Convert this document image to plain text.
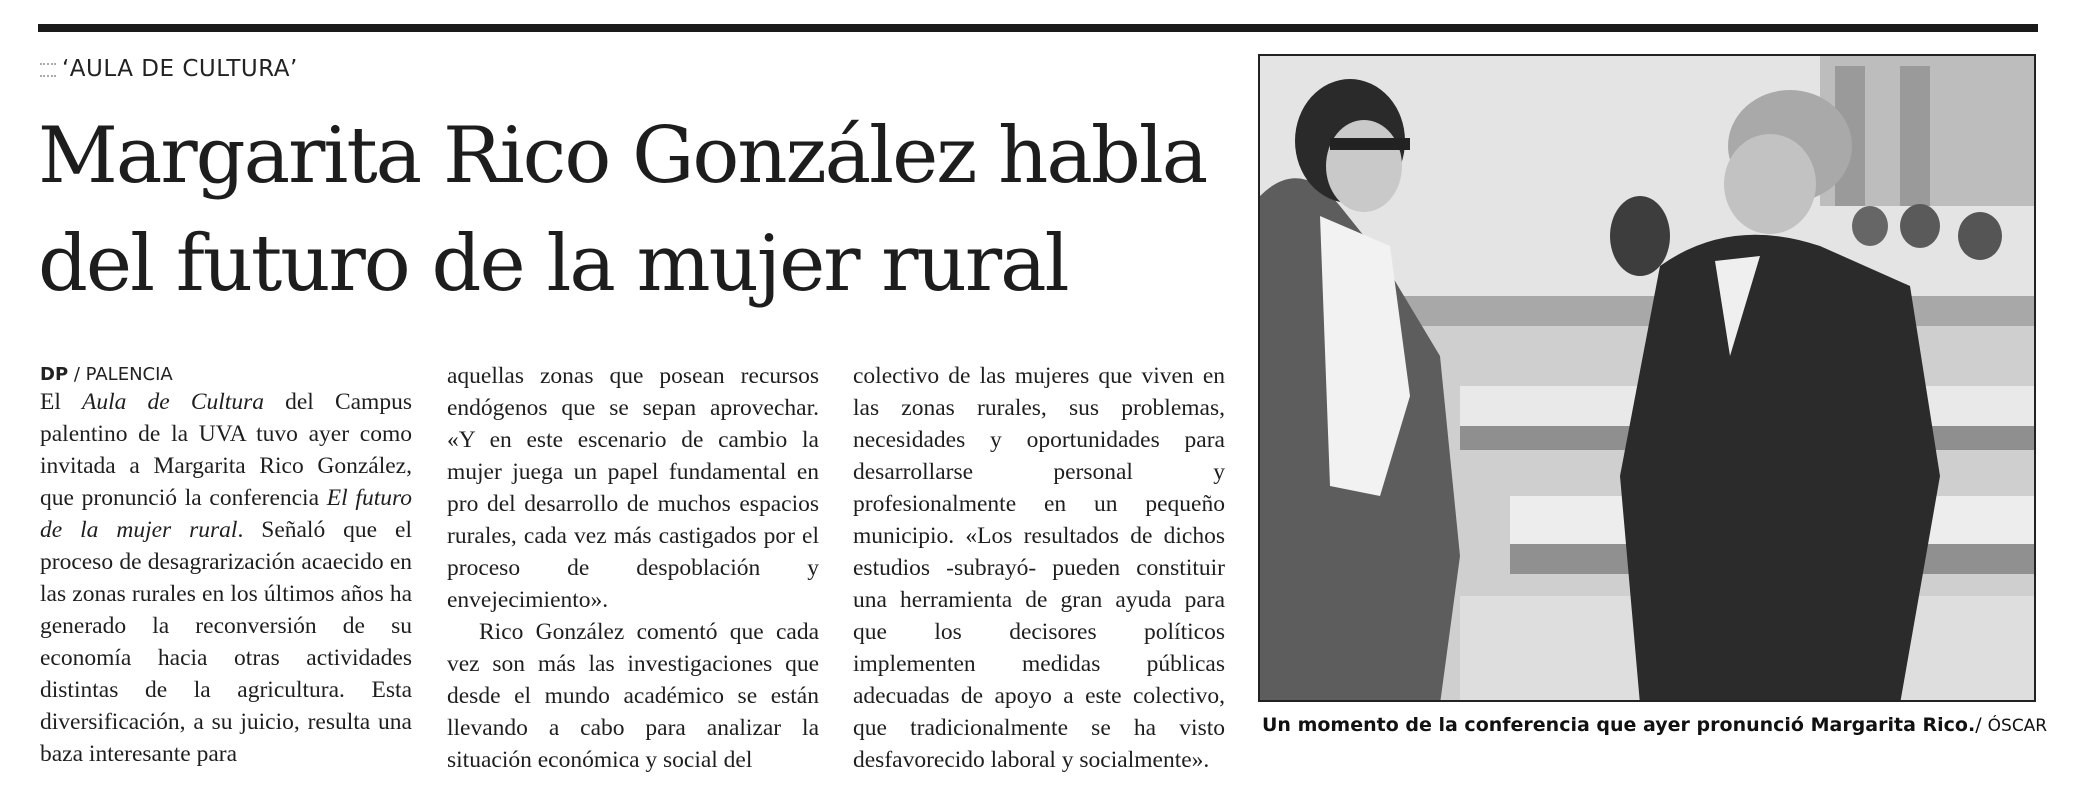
‘AULA DE CULTURA’
Margarita Rico González habla
del futuro de la mujer rural
DP / PALENCIA

El Aula de Cultura del Campus palentino de la UVA tuvo ayer como invitada a Margarita Rico González, que pronunció la conferencia El futuro de la mujer rural. Señaló que el proceso de desagrarización acaecido en las zonas rurales en los últimos años ha generado la reconversión de su economía hacia otras actividades distintas de la agricultura. Esta diversificación, a su juicio, resulta una baza interesante para

aquellas zonas que posean recursos endógenos que se sepan aprovechar. «Y en este escenario de cambio la mujer juega un papel fundamental en pro del desarrollo de muchos espacios rurales, cada vez más castigados por el proceso de despoblación y envejecimiento».

Rico González comentó que cada vez son más las investigaciones que desde el mundo académico se están llevando a cabo para analizar la situación económica y social del

colectivo de las mujeres que viven en las zonas rurales, sus problemas, necesidades y oportunidades para desarrollarse personal y profesionalmente en un pequeño municipio. «Los resultados de dichos estudios -subrayó- pueden constituir una herramienta de gran ayuda para que los decisores políticos implementen medidas públicas adecuadas de apoyo a este colectivo, que tradicionalmente se ha visto desfavorecido laboral y socialmente».

Un momento de la conferencia que ayer pronunció Margarita Rico./ ÓSCAR
